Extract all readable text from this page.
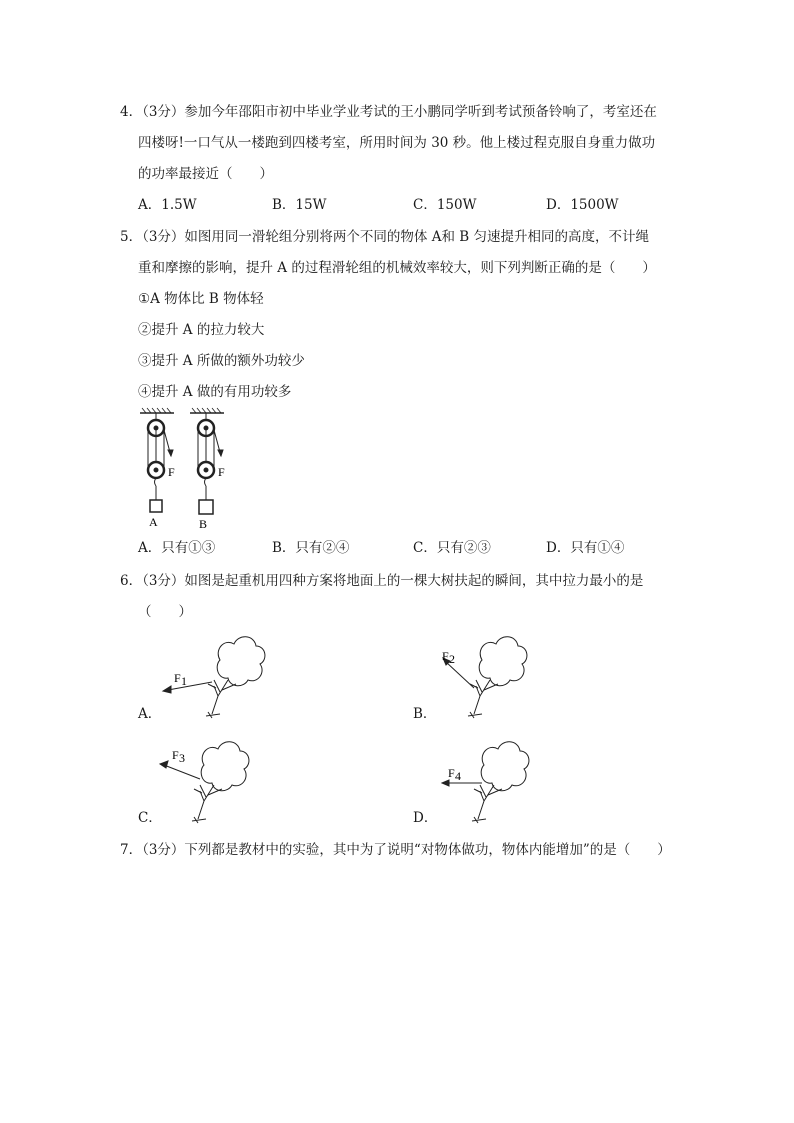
4．（3分）参加今年邵阳市初中毕业学业考试的王小鹏同学听到考试预备铃响了，考室还在
四楼呀!一口气从一楼跑到四楼考室，所用时间为 30 秒。他上楼过程克服自身重力做功
的功率最接近（　　）
A．1.5W	B．15W	C．150W	D．1500W
5．（3分）如图用同一滑轮组分别将两个不同的物体 A和 B 匀速提升相同的高度，不计绳
重和摩擦的影响，提升 A 的过程滑轮组的机械效率较大，则下列判断正确的是（　　）
①A 物体比 B 物体轻
②提升 A 的拉力较大
③提升 A 所做的额外功较少
④提升 A 做的有用功较多
F
A
F
B
A．只有①③	B．只有②④	C．只有②③	D．只有①④
6．（3分）如图是起重机用四种方案将地面上的一棵大树扶起的瞬间，其中拉力最小的是
（　　）
F 1
A．
F 2
B．
F 3
C．
F 4
D．
7．（3分）下列都是教材中的实验，其中为了说明“对物体做功，物体内能增加”的是（　　）
